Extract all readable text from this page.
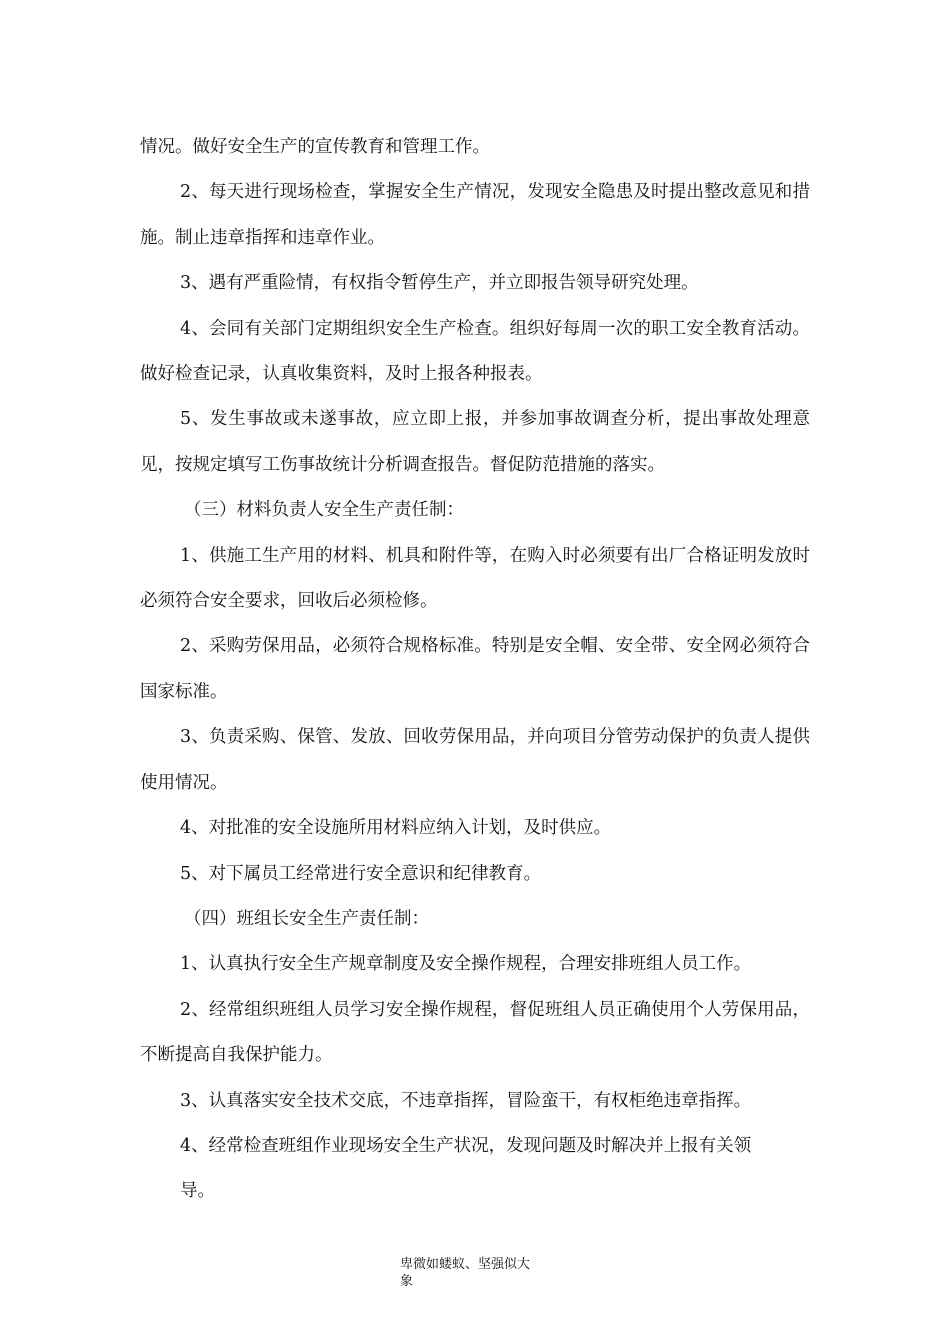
情况。做好安全生产的宣传教育和管理工作。

2、每天进行现场检查，掌握安全生产情况，发现安全隐患及时提出整改意见和措施。制止违章指挥和违章作业。

3、遇有严重险情，有权指令暂停生产，并立即报告领导研究处理。

4、会同有关部门定期组织安全生产检查。组织好每周一次的职工安全教育活动。做好检查记录，认真收集资料，及时上报各种报表。

5、发生事故或未遂事故，应立即上报，并参加事故调查分析，提出事故处理意见，按规定填写工伤事故统计分析调查报告。督促防范措施的落实。

（三）材料负责人安全生产责任制：

1、供施工生产用的材料、机具和附件等，在购入时必须要有出厂合格证明发放时必须符合安全要求，回收后必须检修。

2、采购劳保用品，必须符合规格标准。特别是安全帽、安全带、安全网必须符合国家标准。

3、负责采购、保管、发放、回收劳保用品，并向项目分管劳动保护的负责人提供使用情况。

4、对批准的安全设施所用材料应纳入计划，及时供应。

5、对下属员工经常进行安全意识和纪律教育。

（四）班组长安全生产责任制：

1、认真执行安全生产规章制度及安全操作规程，合理安排班组人员工作。

2、经常组织班组人员学习安全操作规程，督促班组人员正确使用个人劳保用品，不断提高自我保护能力。

3、认真落实安全技术交底，不违章指挥，冒险蛮干，有权柜绝违章指挥。

4、经常检查班组作业现场安全生产状况，发现问题及时解决并上报有关领

导。

卑微如蝼蚁、坚强似大
象
